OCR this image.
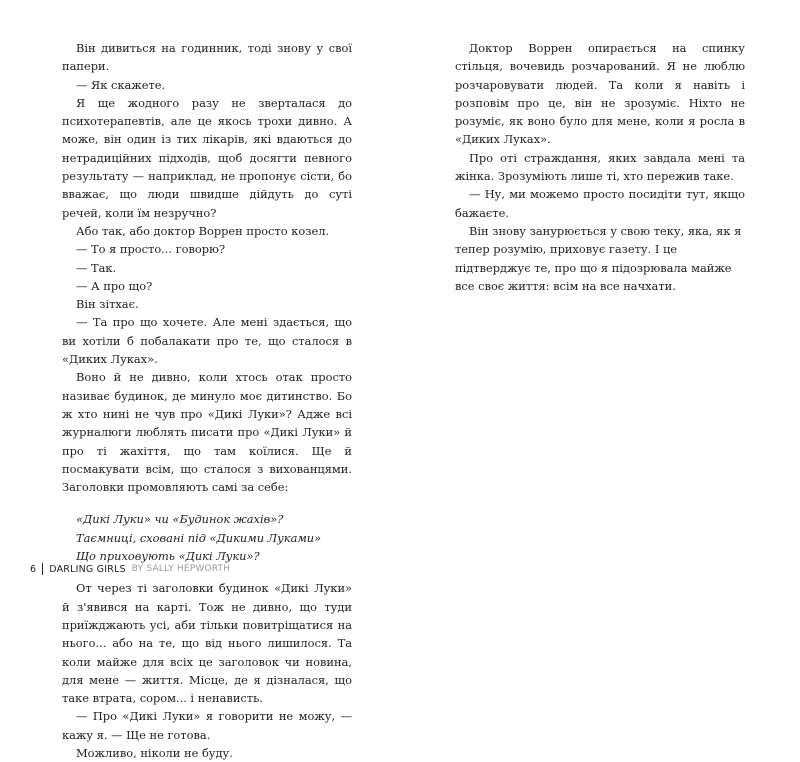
Він дивиться на годинник, тоді знову у свої папери.

— Як скажете.

Я ще жодного разу не зверталася до психотерапевтів, але це якось трохи дивно. А може, він один із тих лікарів, які вдаються до нетрадиційних підходів, щоб досягти певного результату — наприклад, не пропонує сісти, бо вважає, що люди швидше дійдуть до суті речей, коли їм незручно?

Або так, або доктор Воррен просто козел.

— То я просто... говорю?

— Так.

— А про що?

Він зітхає.

— Та про що хочете. Але мені здається, що ви хотіли б побалакати про те, що сталося в «Диких Луках».

Воно й не дивно, коли хтось отак просто називає будинок, де минуло моє дитинство. Бо ж хто нині не чув про «Дикі Луки»? Адже всі журналюги люблять писати про «Дикі Луки» й про ті жахіття, що там коїлися. Ще й посмакувати всім, що сталося з вихованцями. Заголовки промовляють самі за себе:

«Дикі Луки» чи «Будинок жахів»?
Таємниці, сховані під «Дикими Луками»
Що приховують «Дикі Луки»?

От через ті заголовки будинок «Дикі Луки» й з'явився на карті. Тож не дивно, що туди приїжджають усі, аби тільки повитріщатися на нього... або на те, що від нього лишилося. Та коли майже для всіх це заголовок чи новина, для мене — життя. Місце, де я дізналася, що таке втрата, сором... і ненависть.

— Про «Дикі Луки» я говорити не можу, — кажу я. — Ще не готова.

Можливо, ніколи не буду.

6 DARLING GIRLS BY SALLY HEPWORTH

Доктор Воррен опирається на спинку стільця, вочевидь розчарований. Я не люблю розчаровувати людей. Та коли я навіть і розповім про це, він не зрозуміє. Ніхто не розуміє, як воно було для мене, коли я росла в «Диких Луках».

Про оті страждання, яких завдала мені та жінка. Зрозуміють лише ті, хто пережив таке.

— Ну, ми можемо просто посидіти тут, якщо бажаєте.

Він знову занурюється у свою теку, яка, як я тепер розумію, приховує газету. І це підтверджує те, про що я підозрювала майже все своє життя: всім на все начхати.
